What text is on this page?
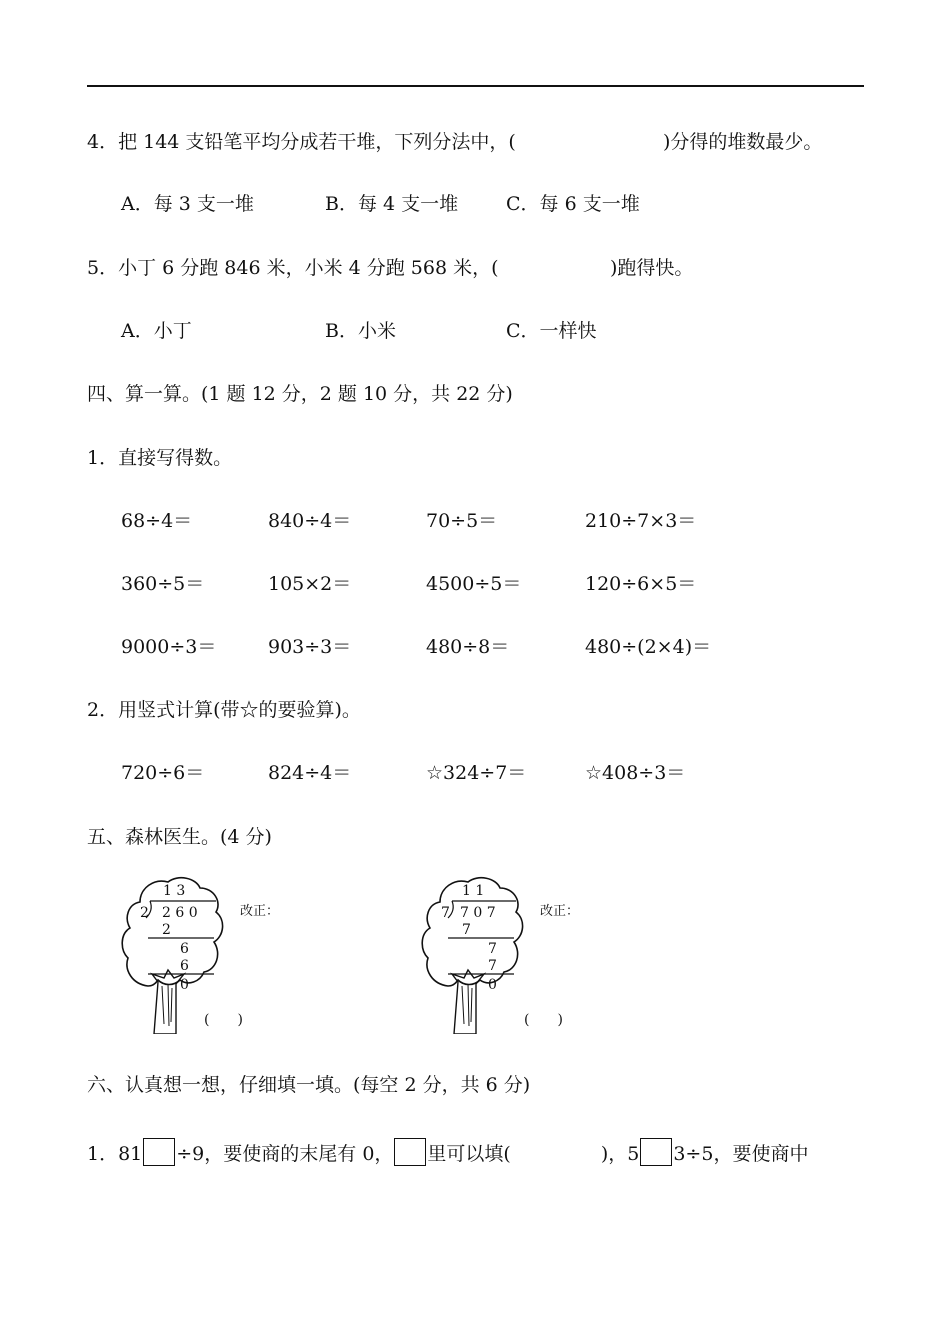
4．把 144 支铅笔平均分成若干堆，下列分法中，(	)分得的堆数最少。
A．每 3 支一堆	B．每 4 支一堆	C．每 6 支一堆
5．小丁 6 分跑 846 米，小米 4 分跑 568 米，(	)跑得快。
A．小丁	B．小米	C．一样快
四、算一算。(1 题 12 分，2 题 10 分，共 22 分)
1．直接写得数。
68÷4＝	840÷4＝	70÷5＝	210÷7×3＝
360÷5＝	105×2＝	4500÷5＝	120÷6×5＝
9000÷3＝	903÷3＝	480÷8＝	480÷(2×4)＝
2．用竖式计算(带☆的要验算)。
720÷6＝	824÷4＝	☆324÷7＝	☆408÷3＝
五、森林医生。(4 分)
1 3
2 2 6 0
2
6
6
0
改正：
(　　)
1 1
7 7 0 7
7
7
7
0
改正：
(　　)
六、认真想一想，仔细填一填。(每空 2 分，共 6 分)
1．81 ÷9，要使商的末尾有 0， 里可以填(	)，5 3÷5，要使商中
